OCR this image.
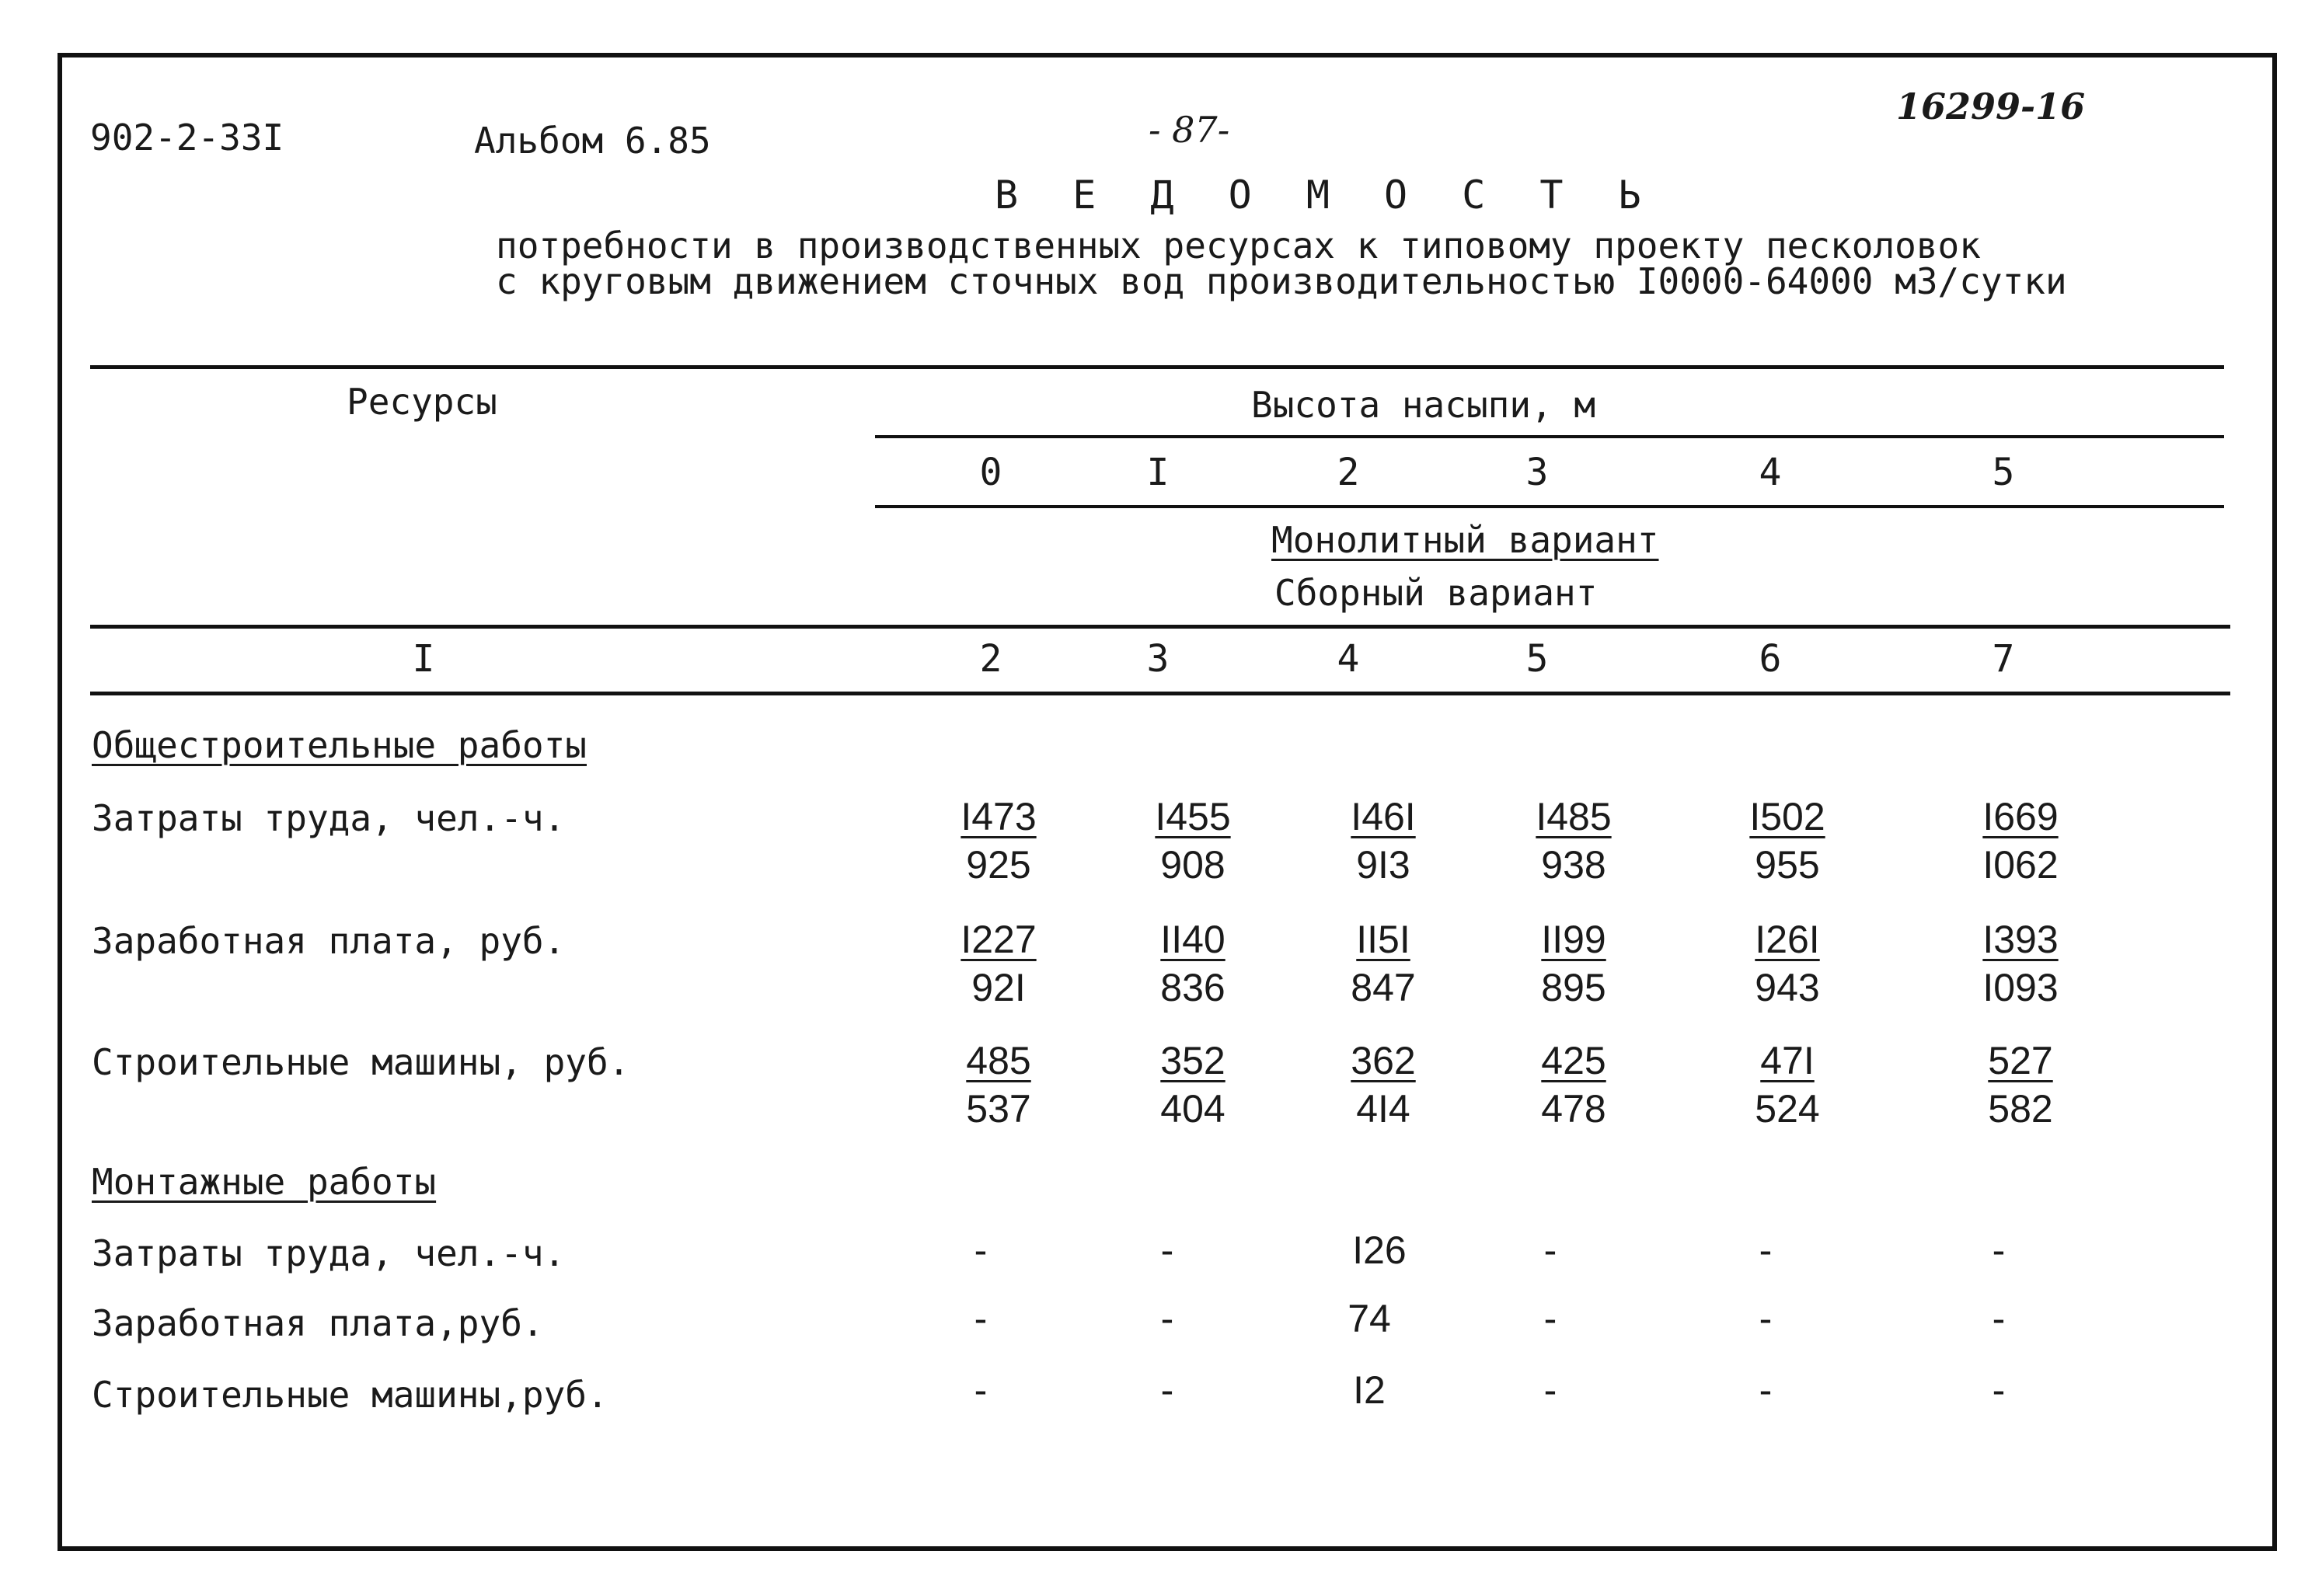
902-2-33I	Альбом 6.85	- 87-
16299-16
В Е Д О М О С Т Ь
потребности в производственных ресурсах к типовому проекту песколовок
с круговым движением сточных вод производительностью I0000-64000 м3/сутки
Ресурсы	Высота насыпи, м
0	I	2	3	4	5
Монолитный вариант
Сборный вариант
I	2	3	4	5	6	7
Общестроительные работы
Затраты труда, чел.-ч.	$\frac{I473}{925} \frac{I455}{908} \frac{I46I}{9I3} \frac{I485}{938} \frac{I502}{955} \frac{I669}{I062}$
Заработная плата, руб.	$\frac{I227}{92I} \frac{II40}{836} \frac{II5I}{847} \frac{II99}{895} \frac{I26I}{943} \frac{I393}{I093}$
Строительные машины, руб.	$\frac{485}{537} \frac{352}{404} \frac{362}{4I4} \frac{425}{478} \frac{47I}{524} \frac{527}{582}$
Монтажные работы
Затраты труда, чел.-ч.	-	-	I26	-	-	-
Заработная плата,руб.	-	-	74	-	-	-
Строительные машины,руб.	-	-	I2	-	-	-
